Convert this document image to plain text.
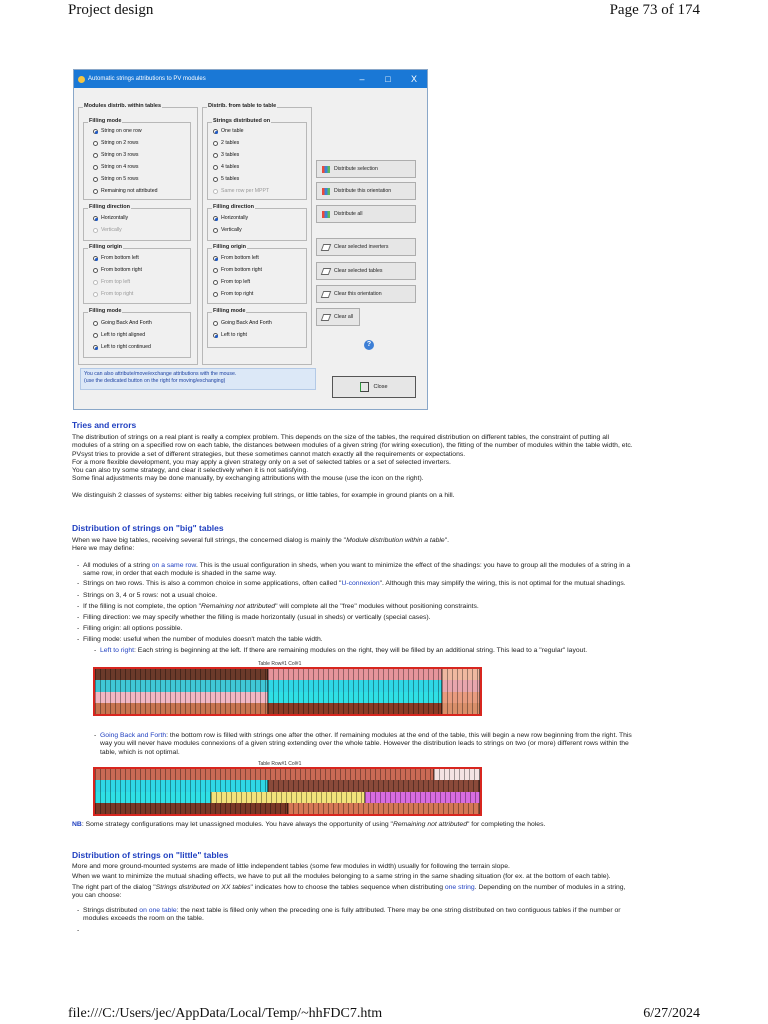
Project design	Page 73 of 174
Automatic strings attributions to PV modules	–	□	X
Modules distrib. within tables	Distrib. from table to table
Filling mode
String on one row
String on 2 rows
String on 3 rows
String on 4 rows
String on 5 rows
Remaining not attributed
Strings distributed on
One table
2 tables
3 tables
4 tables
5 tables
Same row per MPPT
Filling direction
Horizontally
Vertically
Filling direction
Horizontally
Vertically
Filling origin
From bottom left
From bottom right
From top left
From top right
Filling origin
From bottom left
From bottom right
From top left
From top right
Filling mode
Going Back And Forth
Left to right aligned
Left to right continued
Filling mode
Going Back And Forth
Left to right
Distribute selection
Distribute this orientation
Distribute all
Clear selected inverters
Clear selected tables
Clear this orientation
Clear all
?
You can also attribute/move/exchange attributions with the mouse.
(use the dedicated button on the right for moving/exchanging)
Close
Tries and errors
The distribution of strings on a real plant is really a complex problem. This depends on the size of the tables, the required distribution on different tables, the constraint of putting all
modules of a string on a specified row on each table, the distances between modules of a given string (for wiring execution), the fitting of the number of modules within the table width, etc.
PVsyst tries to provide a set of different strategies, but these sometimes cannot match exactly all the requirements or expectations.
For a more flexible development, you may apply a given strategy only on a set of selected tables or a set of selected inverters.
You can also try some strategy, and clear it selectively when it is not satisfying.
Some final adjustments may be done manually, by exchanging attributions with the mouse (use the icon on the right).
We distinguish 2 classes of systems: either big tables receiving full strings, or little tables, for example in ground plants on a hill.
Distribution of strings on "big" tables
When we have big tables, receiving several full strings, the concerned dialog is mainly the "Module distribution within a table".
Here we may define:
- All modules of a string on a same row. This is the usual configuration in sheds, when you want to minimize the effect of the shadings: you have to group all the modules of a string in a
same row, in order that each module is shaded in the same way.
- Strings on two rows. This is also a common choice in some applications, often called "U-connexion". Although this may simplify the wiring, this is not optimal for the mutual shadings.
- Strings on 3, 4 or 5 rows: not a usual choice.
- If the filling is not complete, the option "Remaining not attributed" will complete all the "free" modules without positioning constraints.
- Filling direction: we may specify whether the filling is made horizontally (usual in sheds) or vertically (special cases).
- Filling origin: all options possible.
- Filling mode: useful when the number of modules doesn't match the table width.
- Left to right: Each string is beginning at the left. If there are remaining modules on the right, they will be filled by an additional string. This lead to a "regular" layout.
Table Row#1 Col#1
- Going Back and Forth: the bottom row is filled with strings one after the other. If remaining modules at the end of the table, this will begin a new row beginning from the right. This
way you will never have modules connexions of a given string extending over the whole table. However the distribution leads to strings on two (or more) different rows within the
table, which is not optimal.
Table Row#1 Col#1
NB: Some strategy configurations may let unassigned modules. You have always the opportunity of using "Remaining not attributed" for completing the holes.
Distribution of strings on "little" tables
More and more ground-mounted systems are made of little independent tables (some few modules in width) usually for following the terrain slope.
When we want to minimize the mutual shading effects, we have to put all the modules belonging to a same string in the same shading situation (for ex. at the bottom of each table).
The right part of the dialog "Strings distributed on XX tables" indicates how to choose the tables sequence when distributing one string. Depending on the number of modules in a string,
you can choose:
- Strings distributed on one table: the next table is filled only when the preceding one is fully attributed. There may be one string distributed on two contiguous tables if the number or
modules exceeds the room on the table.
-
file:///C:/Users/jec/AppData/Local/Temp/~hhFDC7.htm	6/27/2024
